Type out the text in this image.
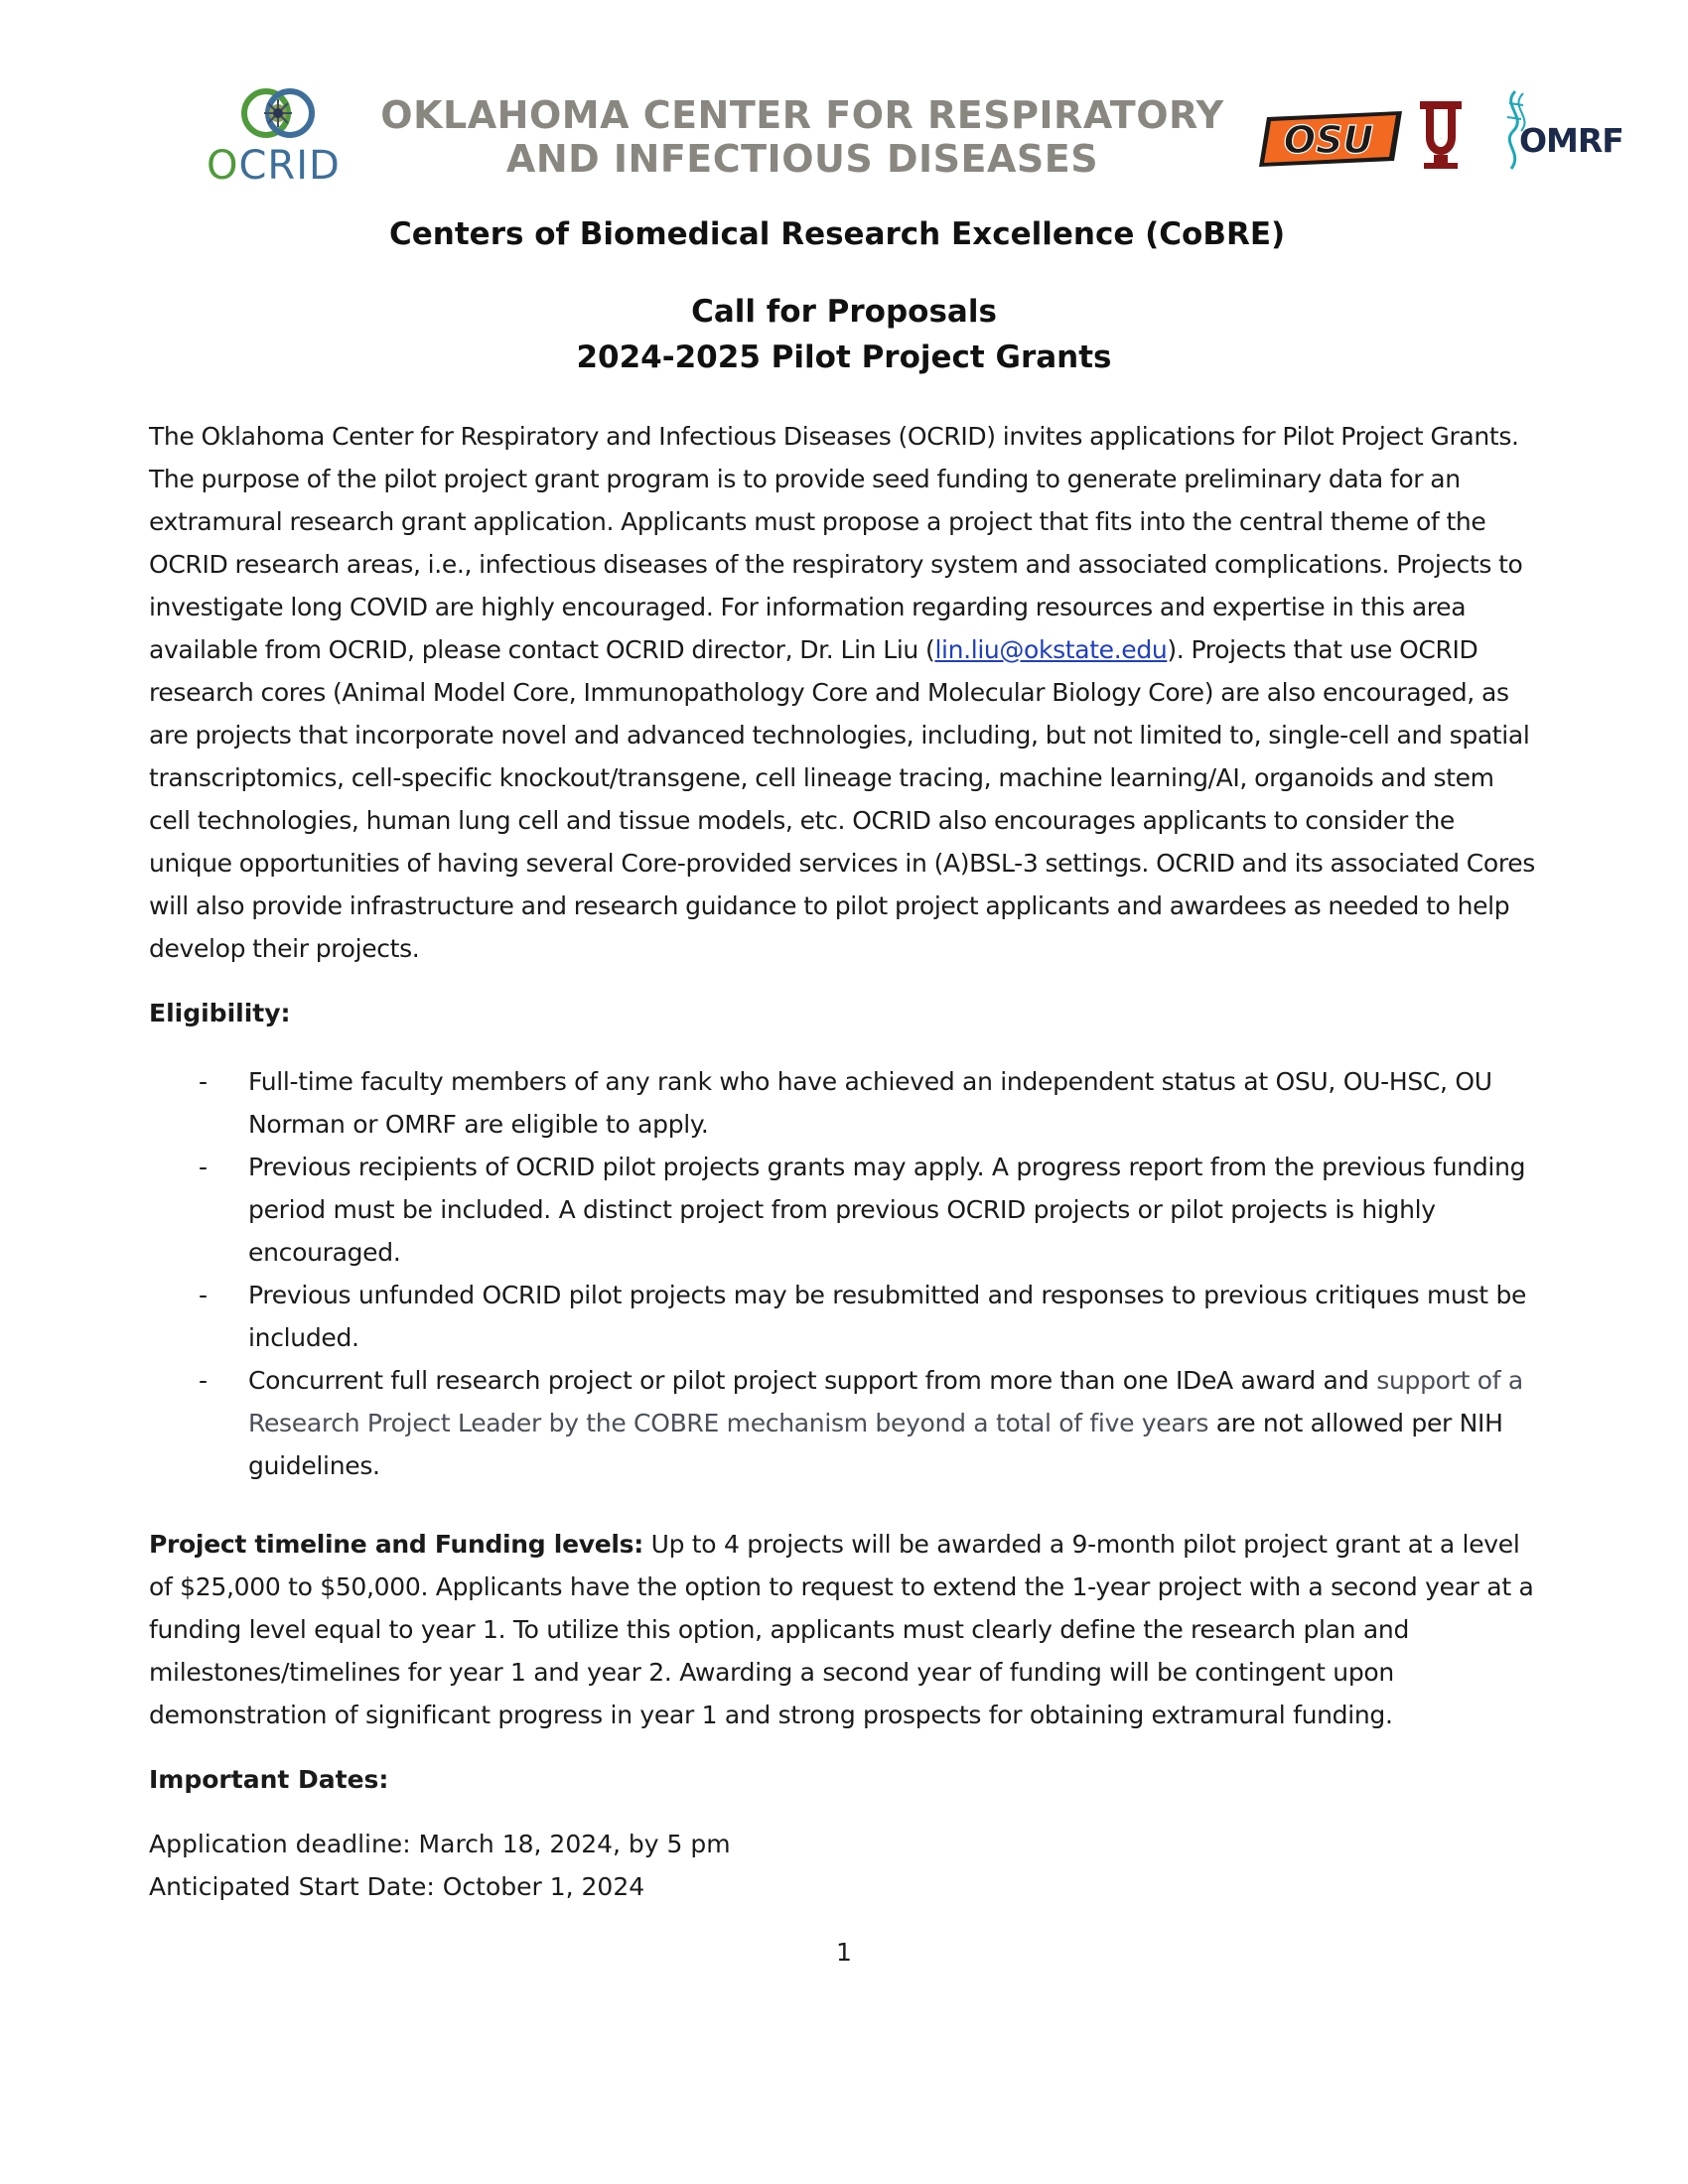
OCRID
OKLAHOMA CENTER FOR RESPIRATORY
AND INFECTIOUS DISEASES	OSU	OU OMRF
Centers of Biomedical Research Excellence (CoBRE)
Call for Proposals
2024-2025 Pilot Project Grants

The Oklahoma Center for Respiratory and Infectious Diseases (OCRID) invites applications for Pilot Project Grants. The purpose of the pilot project grant program is to provide seed funding to generate preliminary data for an extramural research grant application. Applicants must propose a project that fits into the central theme of the OCRID research areas, i.e., infectious diseases of the respiratory system and associated complications. Projects to investigate long COVID are highly encouraged. For information regarding resources and expertise in this area available from OCRID, please contact OCRID director, Dr. Lin Liu (lin.liu@okstate.edu). Projects that use OCRID research cores (Animal Model Core, Immunopathology Core and Molecular Biology Core) are also encouraged, as are projects that incorporate novel and advanced technologies, including, but not limited to, single-cell and spatial transcriptomics, cell-specific knockout/transgene, cell lineage tracing, machine learning/AI, organoids and stem cell technologies, human lung cell and tissue models, etc. OCRID also encourages applicants to consider the unique opportunities of having several Core-provided services in (A)BSL-3 settings. OCRID and its associated Cores will also provide infrastructure and research guidance to pilot project applicants and awardees as needed to help develop their projects.

Eligibility:

- Full-time faculty members of any rank who have achieved an independent status at OSU, OU-HSC, OU Norman or OMRF are eligible to apply.
- Previous recipients of OCRID pilot projects grants may apply. A progress report from the previous funding period must be included. A distinct project from previous OCRID projects or pilot projects is highly encouraged.
- Previous unfunded OCRID pilot projects may be resubmitted and responses to previous critiques must be included.
- Concurrent full research project or pilot project support from more than one IDeA award and support of a Research Project Leader by the COBRE mechanism beyond a total of five years are not allowed per NIH guidelines.

Project timeline and Funding levels: Up to 4 projects will be awarded a 9-month pilot project grant at a level of $25,000 to $50,000. Applicants have the option to request to extend the 1-year project with a second year at a funding level equal to year 1. To utilize this option, applicants must clearly define the research plan and milestones/timelines for year 1 and year 2. Awarding a second year of funding will be contingent upon demonstration of significant progress in year 1 and strong prospects for obtaining extramural funding.

Important Dates:

Application deadline: March 18, 2024, by 5 pm
Anticipated Start Date: October 1, 2024

1
